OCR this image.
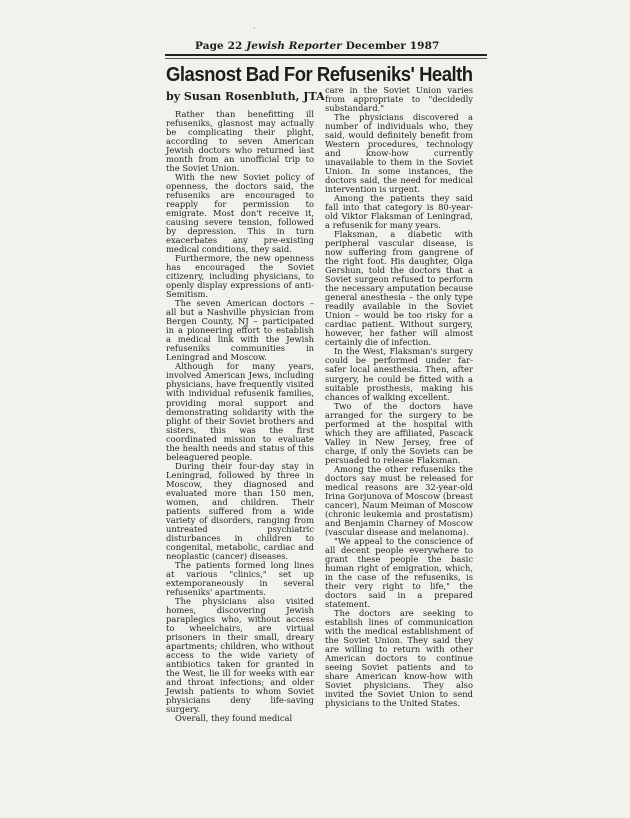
¸
Page 22 Jewish Reporter December 1987
Glasnost Bad For Refuseniks' Health
by Susan Rosenbluth, JTA

Rather than benefitting ill refuseniks, glasnost may actually be complicating their plight, according to seven American Jewish doctors who returned last month from an unofficial trip to the Soviet Union.

With the new Soviet policy of openness, the doctors said, the refuseniks are encouraged to reapply for permission to emigrate. Most don't receive it, causing severe tension, followed by depression. This in turn exacerbates any pre-existing medical conditions, they said.

Furthermore, the new openness has encouraged the Soviet citizenry, including physicians, to openly display expressions of anti-Semitism.

The seven American doctors – all but a Nashville physician from Bergen County, NJ – participated in a pioneering effort to establish a medical link with the Jewish refuseniks communities in Leningrad and Moscow.

Although for many years, involved American Jews, including physicians, have frequently visited with individual refusenik families, providing moral support and demonstrating solidarity with the plight of their Soviet brothers and sisters, this was the first coordinated mission to evaluate the health needs and status of this beleaguered people.

During their four-day stay in Leningrad, followed by three in Moscow, they diagnosed and evaluated more than 150 men, women, and children. Their patients suffered from a wide variety of disorders, ranging from untreated psychiatric disturbances in children to congenital, metabolic, cardiac and neoplastic (cancer) diseases.

The patients formed long lines at various "clinics," set up extemporaneously in several refuseniks' apartments.

The physicians also visited homes, discovering Jewish paraplegics who, without access to wheelchairs, are virtual prisoners in their small, dreary apartments; children, who without access to the wide variety of antibiotics taken for granted in the West, lie ill for weeks with ear and throat infections; and older Jewish patients to whom Soviet physicians deny life-saving surgery.

Overall, they found medical

care in the Soviet Union varies from appropriate to "decidedly substandard."

The physicians discovered a number of individuals who, they said, would definitely benefit from Western procedures, technology and know-how currently unavailable to them in the Soviet Union. In some instances, the doctors said, the need for medical intervention is urgent.

Among the patients they said fall into that category is 80-year-old Viktor Flaksman of Leningrad, a refusenik for many years.

Flaksman, a diabetic with peripheral vascular disease, is now suffering from gangrene of the right foot. His daughter, Olga Gershun, told the doctors that a Soviet surgeon refused to perform the necessary amputation because general anesthesia – the only type readily available in the Soviet Union – would be too risky for a cardiac patient. Without surgery, however, her father will almost certainly die of infection.

In the West, Flaksman's surgery could be performed under far-safer local anesthesia. Then, after surgery, he could be fitted with a suitable prosthesis, making his chances of walking excellent.

Two of the doctors have arranged for the surgery to be performed at the hospital with which they are affiliated, Pascack Valley in New Jersey, free of charge, if only the Soviets can be persuaded to release Flaksman.

Among the other refuseniks the doctors say must be released for medical reasons are 32-year-old Irina Gorjunova of Moscow (breast cancer), Naum Meiman of Moscow (chronic leukemia and prostatism) and Benjamin Charney of Moscow (vascular disease and melanoma).

"We appeal to the conscience of all decent people everywhere to grant these people the basic human right of emigration, which, in the case of the refuseniks, is their very right to life," the doctors said in a prepared statement.

The doctors are seeking to establish lines of communication with the medical establishment of the Soviet Union. They said they are willing to return with other American doctors to continue seeing Soviet patients and to share American know-how with Soviet physicians. They also invited the Soviet Union to send physicians to the United States.
